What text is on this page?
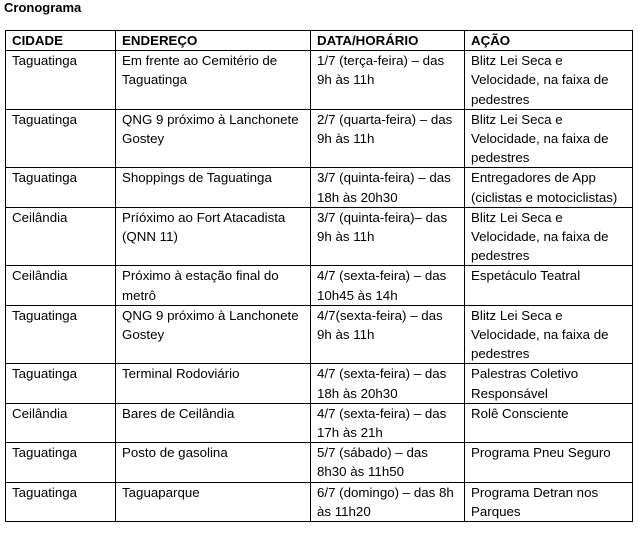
Cronograma
CIDADE	ENDEREÇO	DATA/HORÁRIO	AÇÃO
Taguatinga	Em frente ao Cemitério de Taguatinga	1/7 (terça-feira) – das 9h às 11h	Blitz Lei Seca e Velocidade, na faixa de pedestres
Taguatinga	QNG 9 próximo à Lanchonete Gostey	2/7 (quarta-feira) – das 9h às 11h	Blitz Lei Seca e Velocidade, na faixa de pedestres
Taguatinga	Shoppings de Taguatinga	3/7 (quinta-feira) – das 18h às 20h30	Entregadores de App (ciclistas e motociclistas)
Ceilândia	Príóximo ao Fort Atacadista (QNN 11)	3/7 (quinta-feira)– das 9h às 11h	Blitz Lei Seca e Velocidade, na faixa de pedestres
Ceilândia	Próximo à estação final do metrô	4/7 (sexta-feira) – das 10h45 às 14h	Espetáculo Teatral
Taguatinga	QNG 9 próximo à Lanchonete Gostey	4/7(sexta-feira) – das 9h às 11h	Blitz Lei Seca e Velocidade, na faixa de pedestres
Taguatinga	Terminal Rodoviário	4/7 (sexta-feira) – das 18h às 20h30	Palestras Coletivo Responsável
Ceilândia	Bares de Ceilândia	4/7 (sexta-feira) – das 17h às 21h	Rolê Consciente
Taguatinga	Posto de gasolina	5/7 (sábado) – das 8h30 às 11h50	Programa Pneu Seguro
Taguatinga	Taguaparque	6/7 (domingo) – das 8h às 11h20	Programa Detran nos Parques
